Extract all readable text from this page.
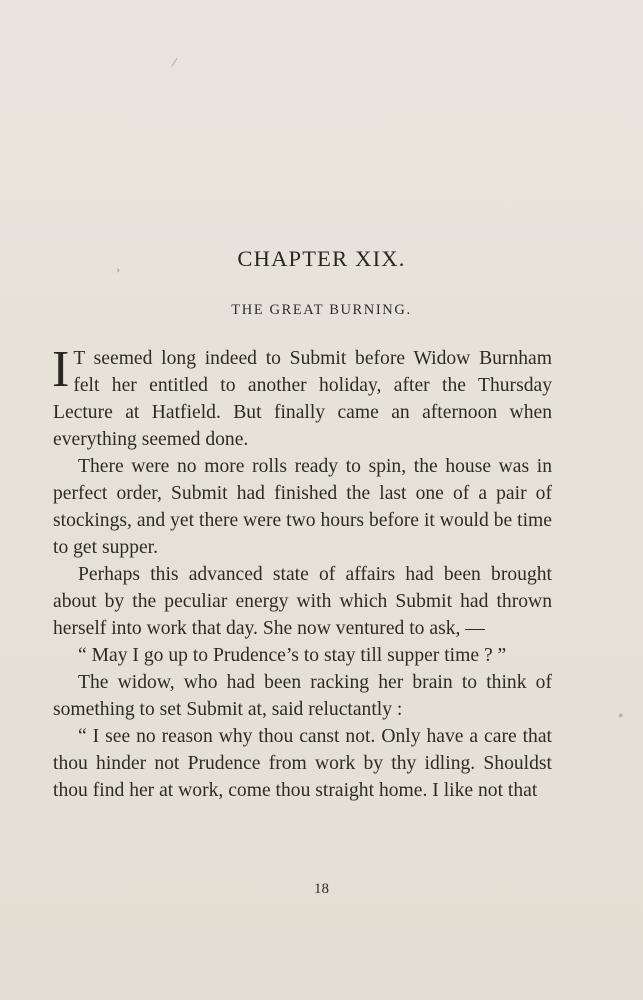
/
›
•
CHAPTER XIX.
THE GREAT BURNING.

I T seemed long indeed to Submit before Widow Burnham felt her entitled to another holiday, after the Thursday Lecture at Hatfield. But finally came an afternoon when everything seemed done.

There were no more rolls ready to spin, the house was in perfect order, Submit had finished the last one of a pair of stockings, and yet there were two hours before it would be time to get supper.

Perhaps this advanced state of affairs had been brought about by the peculiar energy with which Submit had thrown herself into work that day. She now ventured to ask, —

“ May I go up to Prudence’s to stay till supper time ? ”

The widow, who had been racking her brain to think of something to set Submit at, said reluctantly :

“ I see no reason why thou canst not. Only have a care that thou hinder not Prudence from work by thy idling. Shouldst thou find her at work, come thou straight home. I like not that

18
